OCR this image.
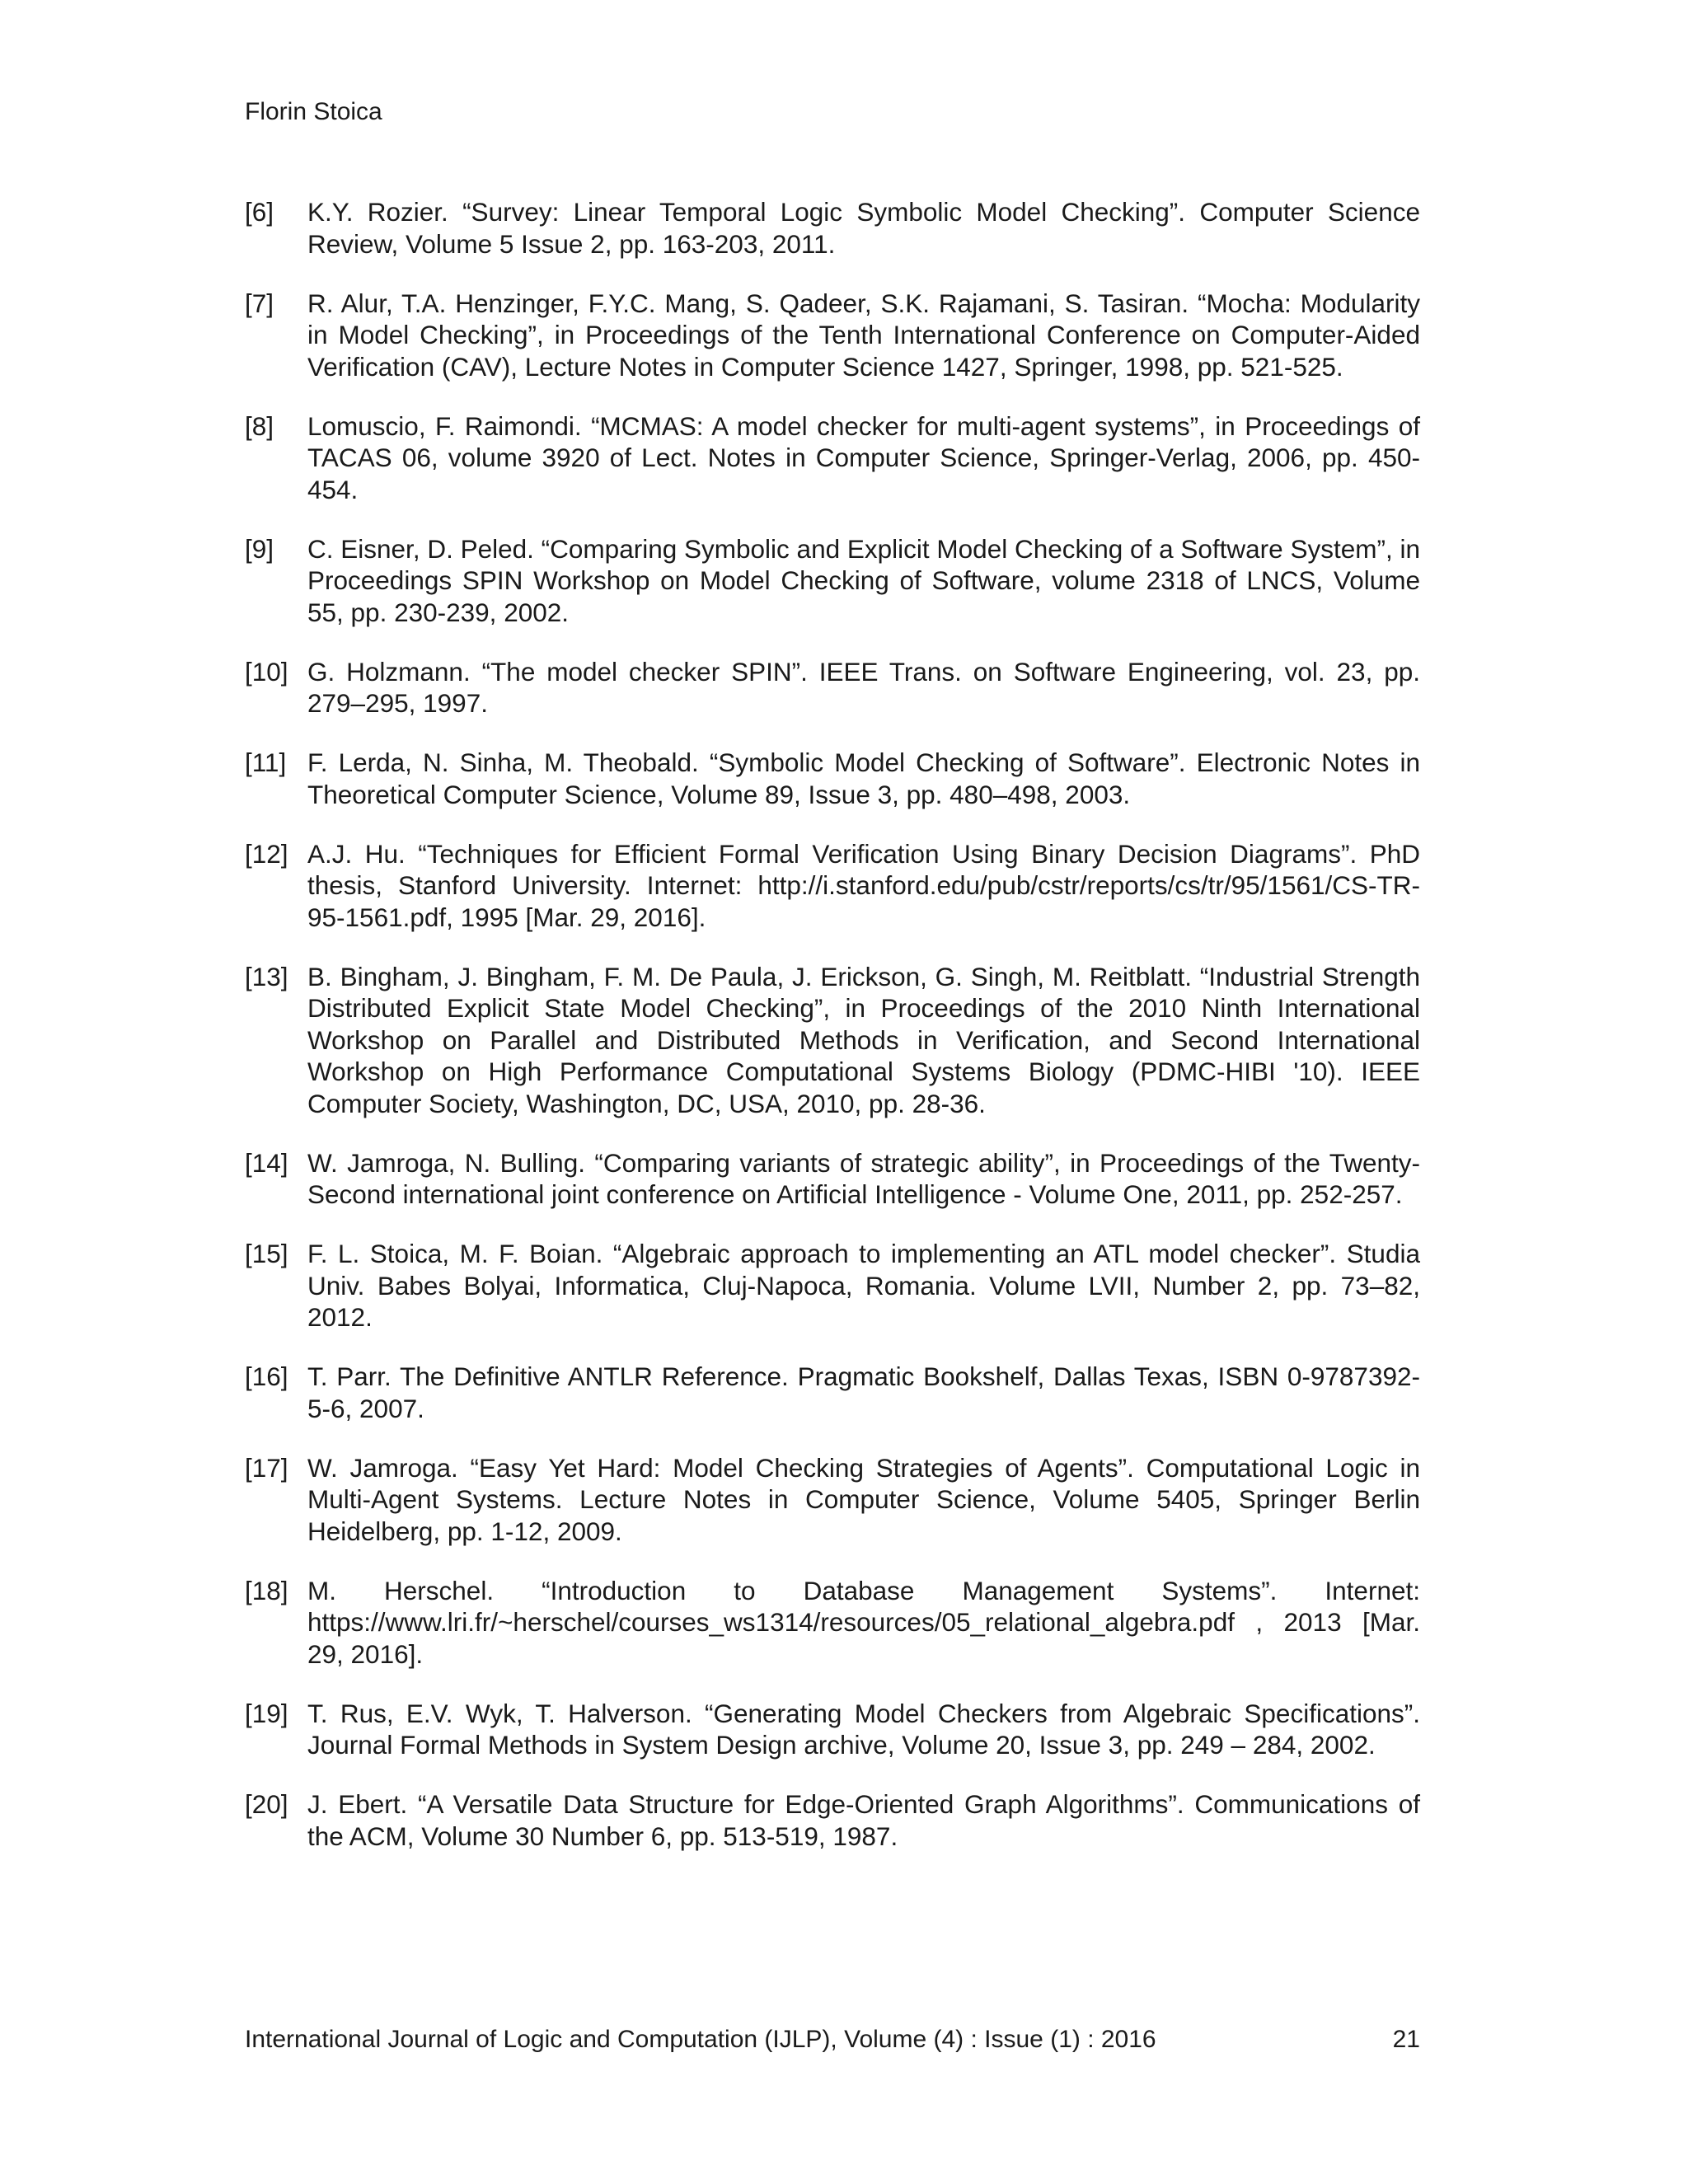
Florin Stoica
[6] K.Y. Rozier. “Survey: Linear Temporal Logic Symbolic Model Checking”. Computer Science Review, Volume 5 Issue 2, pp. 163-203, 2011.
[7] R. Alur, T.A. Henzinger, F.Y.C. Mang, S. Qadeer, S.K. Rajamani, S. Tasiran. “Mocha: Modularity in Model Checking”, in Proceedings of the Tenth International Conference on Computer-Aided Verification (CAV), Lecture Notes in Computer Science 1427, Springer, 1998, pp. 521-525.
[8] Lomuscio, F. Raimondi. “MCMAS: A model checker for multi-agent systems”, in Proceedings of TACAS 06, volume 3920 of Lect. Notes in Computer Science, Springer-Verlag, 2006, pp. 450-454.
[9] C. Eisner, D. Peled. “Comparing Symbolic and Explicit Model Checking of a Software System”, in Proceedings SPIN Workshop on Model Checking of Software, volume 2318 of LNCS, Volume 55, pp. 230-239, 2002.
[10] G. Holzmann. “The model checker SPIN”. IEEE Trans. on Software Engineering, vol. 23, pp. 279–295, 1997.
[11] F. Lerda, N. Sinha, M. Theobald. “Symbolic Model Checking of Software”. Electronic Notes in Theoretical Computer Science, Volume 89, Issue 3, pp. 480–498, 2003.
[12] A.J. Hu. “Techniques for Efficient Formal Verification Using Binary Decision Diagrams”. PhD thesis, Stanford University. Internet: http://i.stanford.edu/pub/cstr/reports/cs/tr/95/1561/CS-TR-95-1561.pdf, 1995 [Mar. 29, 2016].
[13] B. Bingham, J. Bingham, F. M. De Paula, J. Erickson, G. Singh, M. Reitblatt. “Industrial Strength Distributed Explicit State Model Checking”, in Proceedings of the 2010 Ninth International Workshop on Parallel and Distributed Methods in Verification, and Second International Workshop on High Performance Computational Systems Biology (PDMC-HIBI '10). IEEE Computer Society, Washington, DC, USA, 2010, pp. 28-36.
[14] W. Jamroga, N. Bulling. “Comparing variants of strategic ability”, in Proceedings of the Twenty-Second international joint conference on Artificial Intelligence - Volume One, 2011, pp. 252-257.
[15] F. L. Stoica, M. F. Boian. “Algebraic approach to implementing an ATL model checker”. Studia Univ. Babes Bolyai, Informatica, Cluj-Napoca, Romania. Volume LVII, Number 2, pp. 73–82, 2012.
[16] T. Parr. The Definitive ANTLR Reference. Pragmatic Bookshelf, Dallas Texas, ISBN 0-9787392-5-6, 2007.
[17] W. Jamroga. “Easy Yet Hard: Model Checking Strategies of Agents”. Computational Logic in Multi-Agent Systems. Lecture Notes in Computer Science, Volume 5405, Springer Berlin Heidelberg, pp. 1-12, 2009.
[18] M. Herschel. “Introduction to Database Management Systems”. Internet: https://www.lri.fr/~herschel/courses_ws1314/resources/05_relational_algebra.pdf , 2013 [Mar. 29, 2016].
[19] T. Rus, E.V. Wyk, T. Halverson. “Generating Model Checkers from Algebraic Specifications”. Journal Formal Methods in System Design archive, Volume 20, Issue 3, pp. 249 – 284, 2002.
[20] J. Ebert. “A Versatile Data Structure for Edge-Oriented Graph Algorithms”. Communications of the ACM, Volume 30 Number 6, pp. 513-519, 1987.
International Journal of Logic and Computation (IJLP), Volume (4) : Issue (1) : 2016	21
